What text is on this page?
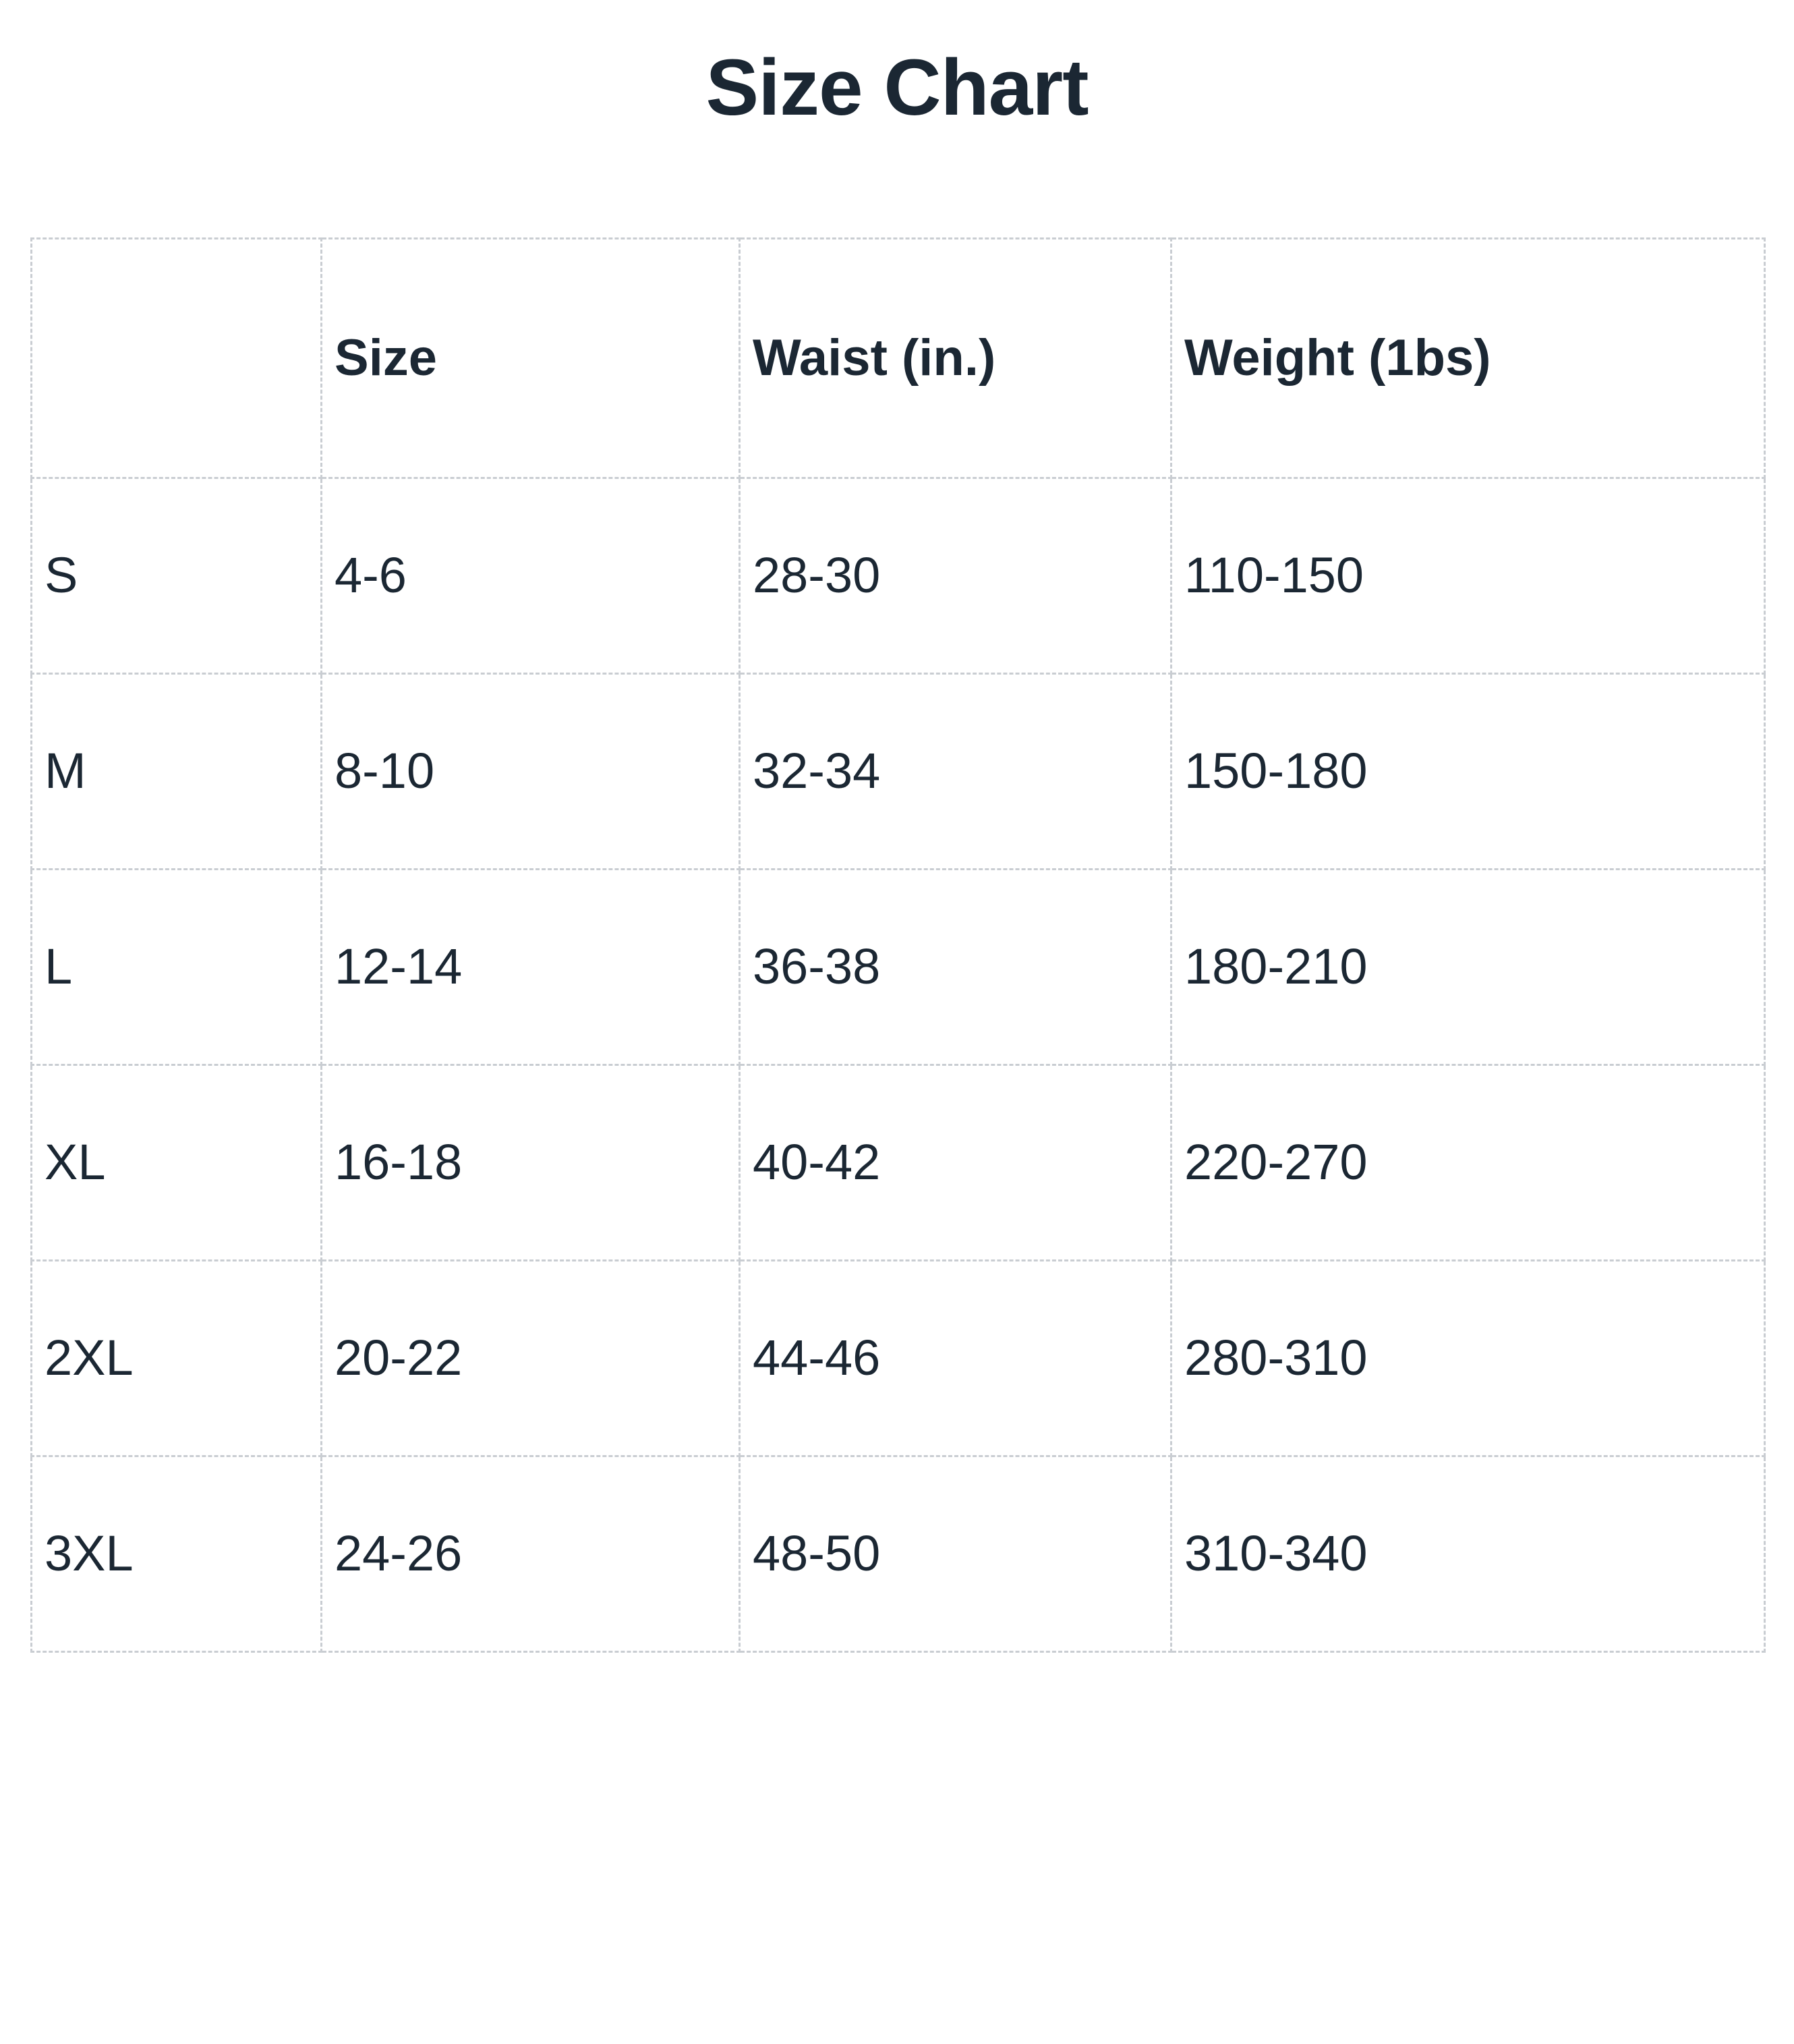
Size Chart
	Size	Waist (in.)	Weight (1bs)
S	4-6	28-30	110-150
M	8-10	32-34	150-180
L	12-14	36-38	180-210
XL	16-18	40-42	220-270
2XL	20-22	44-46	280-310
3XL	24-26	48-50	310-340
